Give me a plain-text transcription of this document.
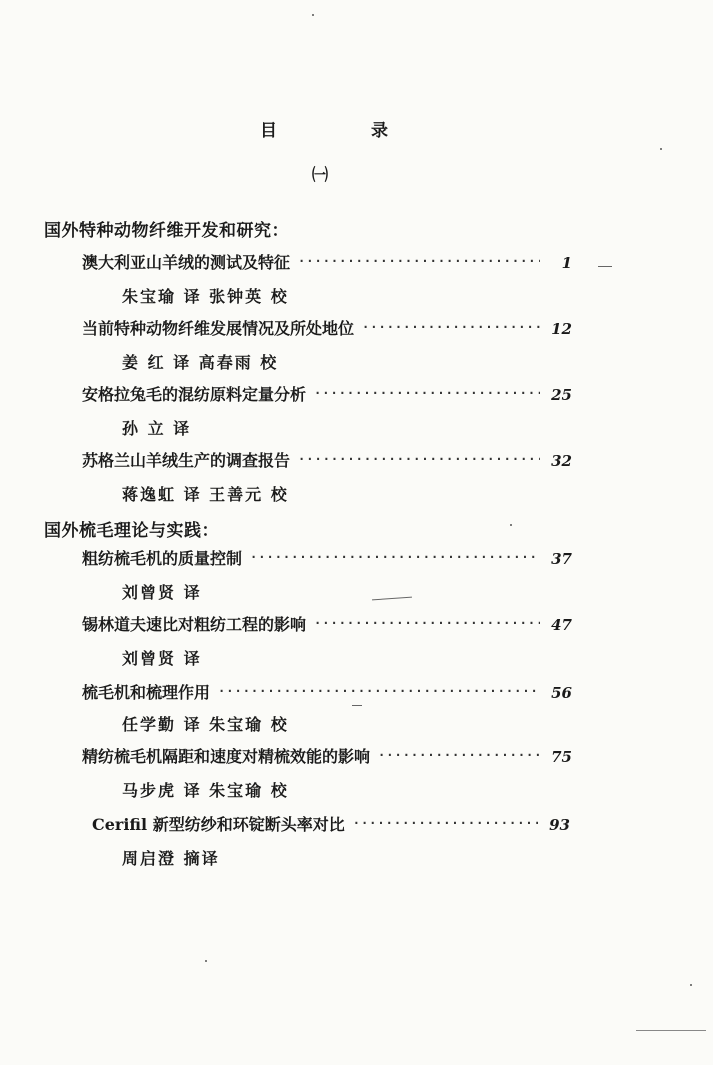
目	录
㈠
国外特种动物纤维开发和研究：
澳大利亚山羊绒的测试及特征 ·····	1
朱宝瑜 译 张钟英 校
当前特种动物纤维发展情况及所处地位 ·····	12
姜 红 译 高春雨 校
安格拉兔毛的混纺原料定量分析 ·····	25
孙 立 译
苏格兰山羊绒生产的调查报告 ·····	32
蒋逸虹 译 王善元 校
国外梳毛理论与实践：
粗纺梳毛机的质量控制 ·····	37
刘曾贤 译
锡林道夫速比对粗纺工程的影响 ·····	47
刘曾贤 译
梳毛机和梳理作用 ·····	56
任学勤 译 朱宝瑜 校
精纺梳毛机隔距和速度对精梳效能的影响 ·····	75
马步虎 译 朱宝瑜 校
Cerifil 新型纺纱和环锭断头率对比 ·····	93
周启澄 摘译
